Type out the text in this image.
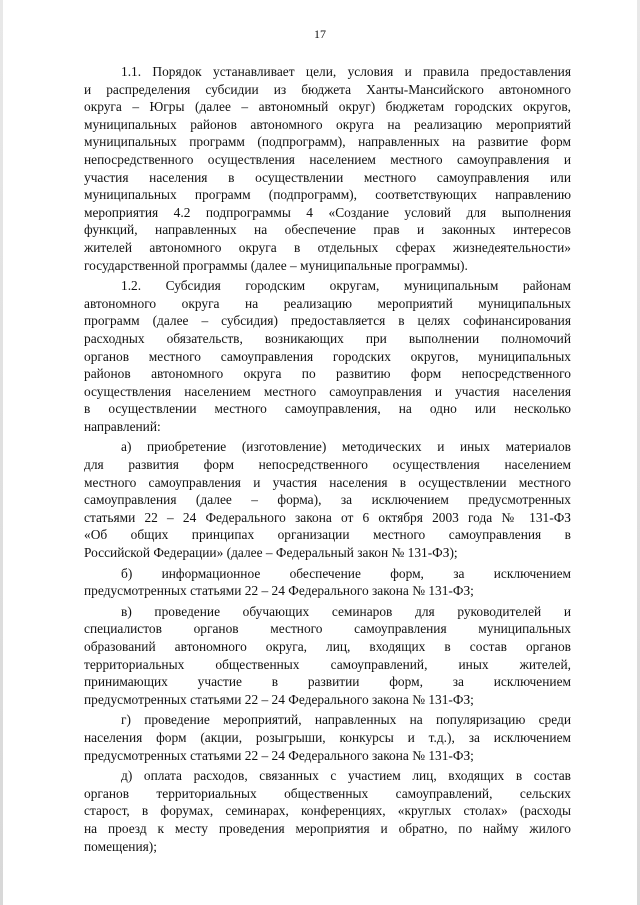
17
1.1. Порядок устанавливает цели, условия и правила предоставления
и распределения субсидии из бюджета Ханты-Мансийского автономного
округа – Югры (далее – автономный округ) бюджетам городских округов,
муниципальных районов автономного округа на реализацию мероприятий
муниципальных программ (подпрограмм), направленных на развитие форм
непосредственного осуществления населением местного самоуправления и
участия населения в осуществлении местного самоуправления или
муниципальных программ (подпрограмм), соответствующих направлению
мероприятия 4.2 подпрограммы 4 «Создание условий для выполнения
функций, направленных на обеспечение прав и законных интересов
жителей автономного округа в отдельных сферах жизнедеятельности»
государственной программы (далее – муниципальные программы).
1.2. Субсидия городским округам, муниципальным районам
автономного округа на реализацию мероприятий муниципальных
программ (далее – субсидия) предоставляется в целях софинансирования
расходных обязательств, возникающих при выполнении полномочий
органов местного самоуправления городских округов, муниципальных
районов автономного округа по развитию форм непосредственного
осуществления населением местного самоуправления и участия населения
в осуществлении местного самоуправления, на одно или несколько
направлений:
а) приобретение (изготовление) методических и иных материалов
для развития форм непосредственного осуществления населением
местного самоуправления и участия населения в осуществлении местного
самоуправления (далее – форма), за исключением предусмотренных
статьями 22 – 24 Федерального закона от 6 октября 2003 года № 131-ФЗ
«Об общих принципах организации местного самоуправления в
Российской Федерации» (далее – Федеральный закон № 131-ФЗ);
б) информационное обеспечение форм, за исключением
предусмотренных статьями 22 – 24 Федерального закона № 131-ФЗ;
в) проведение обучающих семинаров для руководителей и
специалистов органов местного самоуправления муниципальных
образований автономного округа, лиц, входящих в состав органов
территориальных общественных самоуправлений, иных жителей,
принимающих участие в развитии форм, за исключением
предусмотренных статьями 22 – 24 Федерального закона № 131-ФЗ;
г) проведение мероприятий, направленных на популяризацию среди
населения форм (акции, розыгрыши, конкурсы и т.д.), за исключением
предусмотренных статьями 22 – 24 Федерального закона № 131-ФЗ;
д) оплата расходов, связанных с участием лиц, входящих в состав
органов территориальных общественных самоуправлений, сельских
старост, в форумах, семинарах, конференциях, «круглых столах» (расходы
на проезд к месту проведения мероприятия и обратно, по найму жилого
помещения);
